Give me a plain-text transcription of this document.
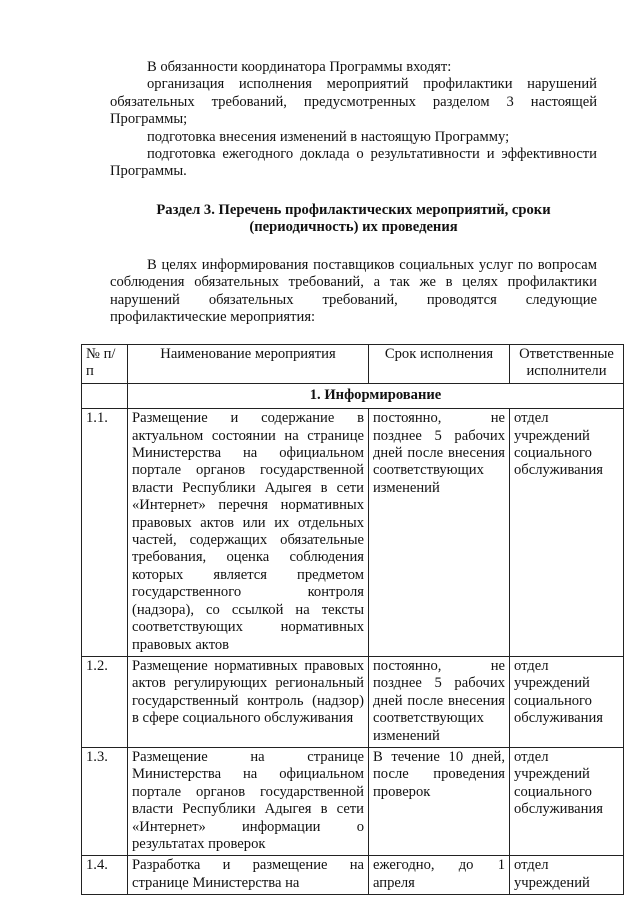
В обязанности координатора Программы входят:

организация исполнения мероприятий профилактики нарушений обязательных требований, предусмотренных разделом 3 настоящей Программы;

подготовка внесения изменений в настоящую Программу;

подготовка ежегодного доклада о результативности и эффективности Программы.

Раздел 3. Перечень профилактических мероприятий, сроки
(периодичность) их проведения

В целях информирования поставщиков социальных услуг по вопросам соблюдения обязательных требований, а так же в целях профилактики нарушений обязательных требований, проводятся следующие профилактические мероприятия:

№ п/п	Наименование мероприятия	Срок исполнения	Ответственные исполнители
	1. Информирование		
1.1.	Размещение и содержание в актуальном состоянии на странице Министерства на официальном портале органов государственной власти Республики Адыгея в сети «Интернет» перечня нормативных правовых актов или их отдельных частей, содержащих обязательные требования, оценка соблюдения которых является предметом государственного контроля (надзора), со ссылкой на тексты соответствующих нормативных правовых актов	постоянно, не позднее 5 рабочих дней после внесения соответствующих изменений	отдел учреждений социального обслуживания
1.2.	Размещение нормативных правовых актов регулирующих региональный государственный контроль (надзор) в сфере социального обслуживания	постоянно, не позднее 5 рабочих дней после внесения соответствующих изменений	отдел учреждений социального обслуживания
1.3.	Размещение на странице Министерства на официальном портале органов государственной власти Республики Адыгея в сети «Интернет» информации о результатах проверок	В течение 10 дней, после проведения проверок	отдел учреждений социального обслуживания
1.4.	Разработка и размещение на странице Министерства на	ежегодно, до 1 апреля	отдел учреждений
